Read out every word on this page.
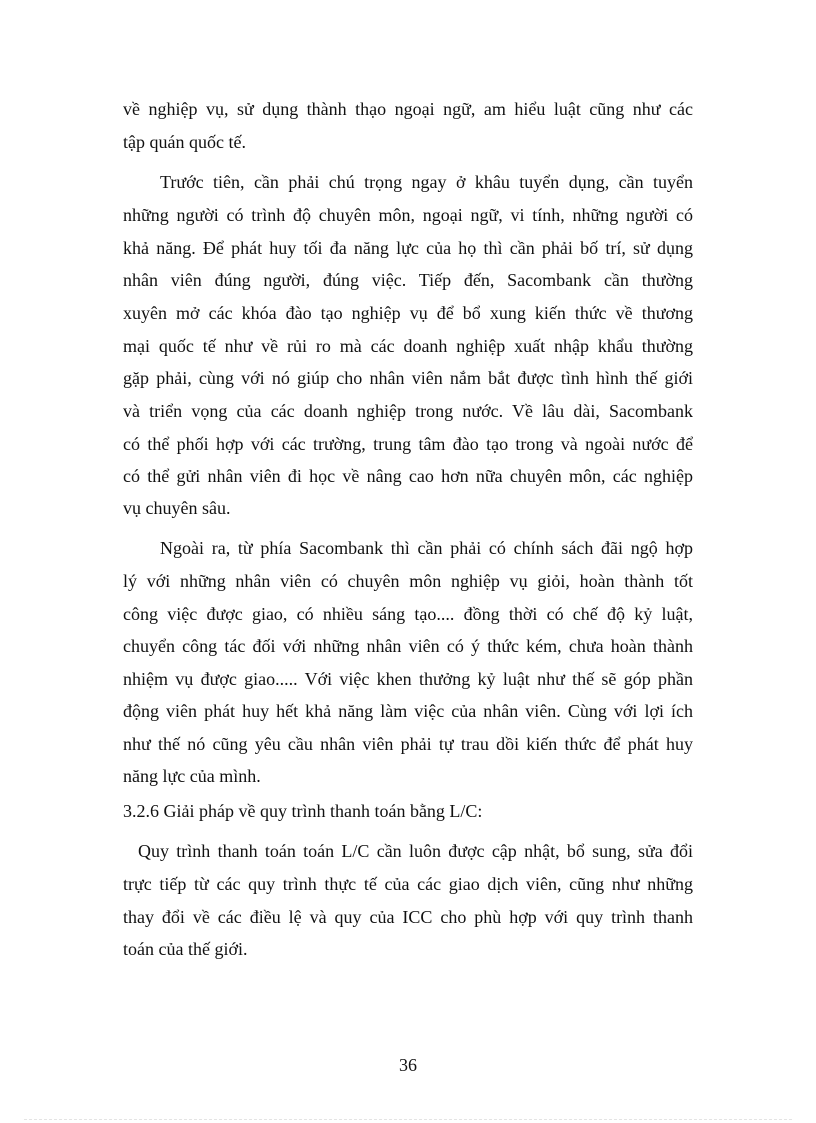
về nghiệp vụ, sử dụng thành thạo ngoại ngữ, am hiểu luật cũng như các
tập quán quốc tế.
Trước tiên, cần phải chú trọng ngay ở khâu tuyển dụng, cần tuyển
những người có trình độ chuyên môn, ngoại ngữ, vi tính, những người có
khả năng. Để phát huy tối đa năng lực của họ thì cần phải bố trí, sử dụng
nhân viên đúng người, đúng việc. Tiếp đến, Sacombank cần thường
xuyên mở các khóa đào tạo nghiệp vụ để bổ xung kiến thức về thương
mại quốc tế như về rủi ro mà các doanh nghiệp xuất nhập khẩu thường
gặp phải, cùng với nó giúp cho nhân viên nắm bắt được tình hình thế giới
và triển vọng của các doanh nghiệp trong nước. Về lâu dài, Sacombank
có thể phối hợp với các trường, trung tâm đào tạo trong và ngoài nước để
có thể gửi nhân viên đi học về nâng cao hơn nữa chuyên môn, các nghiệp
vụ chuyên sâu.
Ngoài ra, từ phía Sacombank thì cần phải có chính sách đãi ngộ hợp
lý với những nhân viên có chuyên môn nghiệp vụ giỏi, hoàn thành tốt
công việc được giao, có nhiều sáng tạo.... đồng thời có chế độ kỷ luật,
chuyển công tác đối với những nhân viên có ý thức kém, chưa hoàn thành
nhiệm vụ được giao..... Với việc khen thưởng kỷ luật như thế sẽ góp phần
động viên phát huy hết khả năng làm việc của nhân viên. Cùng với lợi ích
như thế nó cũng yêu cầu nhân viên phải tự trau dồi kiến thức để phát huy
năng lực của mình.
3.2.6 Giải pháp về quy trình thanh toán bằng L/C:
Quy trình thanh toán toán L/C cần luôn được cập nhật, bổ sung, sửa đổi
trực tiếp từ các quy trình thực tế của các giao dịch viên, cũng như những
thay đổi về các điều lệ và quy của ICC cho phù hợp với quy trình thanh
toán của thế giới.
36
